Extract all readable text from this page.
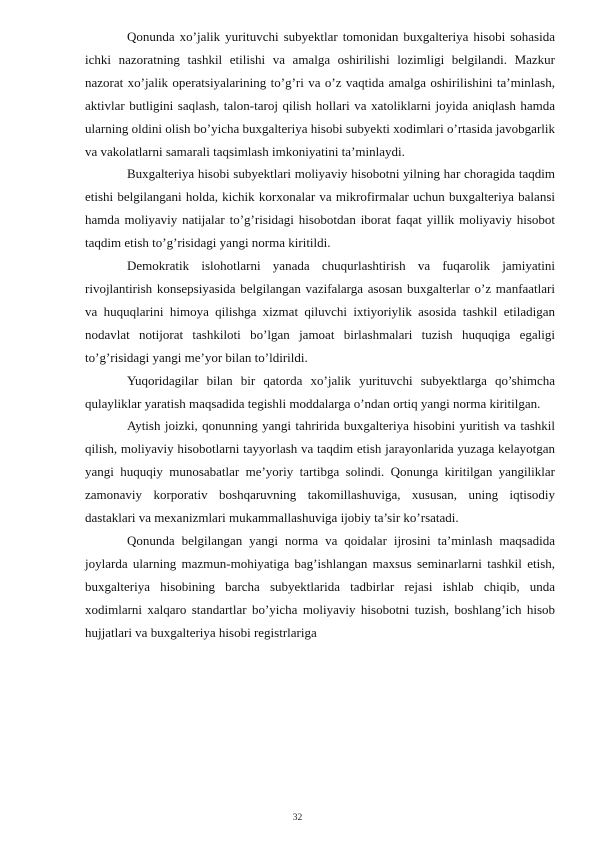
Qonunda xo’jalik yurituvchi subyektlar tomonidan buxgalteriya hisobi sohasida ichki nazoratning tashkil etilishi va amalga oshirilishi lozimligi belgilandi. Mazkur nazorat xo’jalik operatsiyalarining to’g’ri va o’z vaqtida amalga oshirilishini ta’minlash, aktivlar butligini saqlash, talon-taroj qilish hollari va xatoliklarni joyida aniqlash hamda ularning oldini olish bo’yicha buxgalteriya hisobi subyekti xodimlari o’rtasida javobgarlik va vakolatlarni samarali taqsimlash imkoniyatini ta’minlaydi.

Buxgalteriya hisobi subyektlari moliyaviy hisobotni yilning har choragida taqdim etishi belgilangani holda, kichik korxonalar va mikrofirmalar uchun buxgalteriya balansi hamda moliyaviy natijalar to’g’risidagi hisobotdan iborat faqat yillik moliyaviy hisobot taqdim etish to’g’risidagi yangi norma kiritildi.

Demokratik islohotlarni yanada chuqurlashtirish va fuqarolik jamiyatini rivojlantirish konsepsiyasida belgilangan vazifalarga asosan buxgalterlar o’z manfaatlari va huquqlarini himoya qilishga xizmat qiluvchi ixtiyoriylik asosida tashkil etiladigan nodavlat notijorat tashkiloti bo’lgan jamoat birlashmalari tuzish huquqiga egaligi to’g’risidagi yangi me’yor bilan to’ldirildi.

Yuqoridagilar bilan bir qatorda xo’jalik yurituvchi subyektlarga qo’shimcha qulayliklar yaratish maqsadida tegishli moddalarga o’ndan ortiq yangi norma kiritilgan.

Aytish joizki, qonunning yangi tahririda buxgalteriya hisobini yuritish va tashkil qilish, moliyaviy hisobotlarni tayyorlash va taqdim etish jarayonlarida yuzaga kelayotgan yangi huquqiy munosabatlar me’yoriy tartibga solindi. Qonunga kiritilgan yangiliklar zamonaviy korporativ boshqaruvning takomillashuviga, xususan, uning iqtisodiy dastaklari va mexanizmlari mukammallashuviga ijobiy ta’sir ko’rsatadi.

Qonunda belgilangan yangi norma va qoidalar ijrosini ta’minlash maqsadida joylarda ularning mazmun-mohiyatiga bag’ishlangan maxsus seminarlarni tashkil etish, buxgalteriya hisobining barcha subyektlarida tadbirlar rejasi ishlab chiqib, unda xodimlarni xalqaro standartlar bo’yicha moliyaviy hisobotni tuzish, boshlang’ich hisob hujjatlari va buxgalteriya hisobi registrlariga

32
